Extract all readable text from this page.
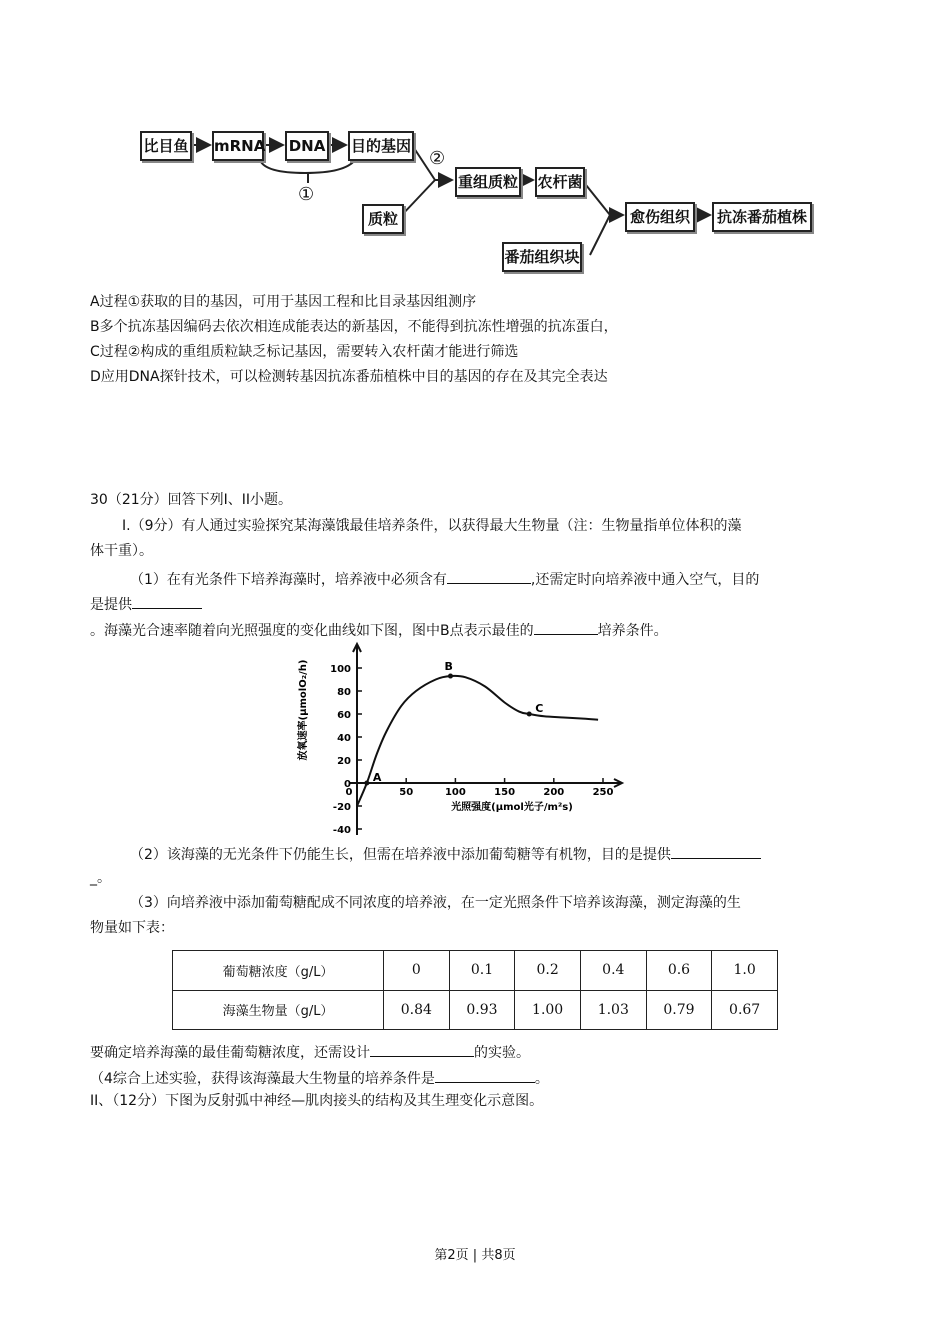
比目鱼 mRNA DNA 目的基因
①
②
质粒
重组质粒 农杆菌
番茄组织块
愈伤组织	抗冻番茄植株
A过程①获取的目的基因，可用于基因工程和比目录基因组测序
B多个抗冻基因编码去依次相连成能表达的新基因，不能得到抗冻性增强的抗冻蛋白，
C过程②构成的重组质粒缺乏标记基因，需要转入农杆菌才能进行筛选
D应用DNA探针技术，可以检测转基因抗冻番茄植株中目的基因的存在及其完全表达
30（21分）回答下列I、II小题。
I.（9分）有人通过实验探究某海藻饿最佳培养条件，以获得最大生物量（注：生物量指单位体积的藻
体干重）。
（1）在有光条件下培养海藻时，培养液中必须含有	,还需定时向培养液中通入空气，目的
是提供
。海藻光合速率随着向光照强度的变化曲线如下图，图中B点表示最佳的	培养条件。
-40
-20
0
20
40
60
80
100
0	50	100	150	200	250
A
B
C
放氧速率(μmolO₂/h)
光照强度(μmol光子/m²s)
（2）该海藻的无光条件下仍能生长，但需在培养液中添加葡萄糖等有机物，目的是提供
_。
（3）向培养液中添加葡萄糖配成不同浓度的培养液，在一定光照条件下培养该海藻，测定海藻的生
物量如下表：
葡萄糖浓度（g/L）	0	0.1	0.2	0.4	0.6	1.0
海藻生物量（g/L）	0.84	0.93	1.00	1.03	0.79	0.67
要确定培养海藻的最佳葡萄糖浓度，还需设计	的实验。
（4综合上述实验，获得该海藻最大生物量的培养条件是	。
II、（12分）下图为反射弧中神经—肌肉接头的结构及其生理变化示意图。
第2页 | 共8页
